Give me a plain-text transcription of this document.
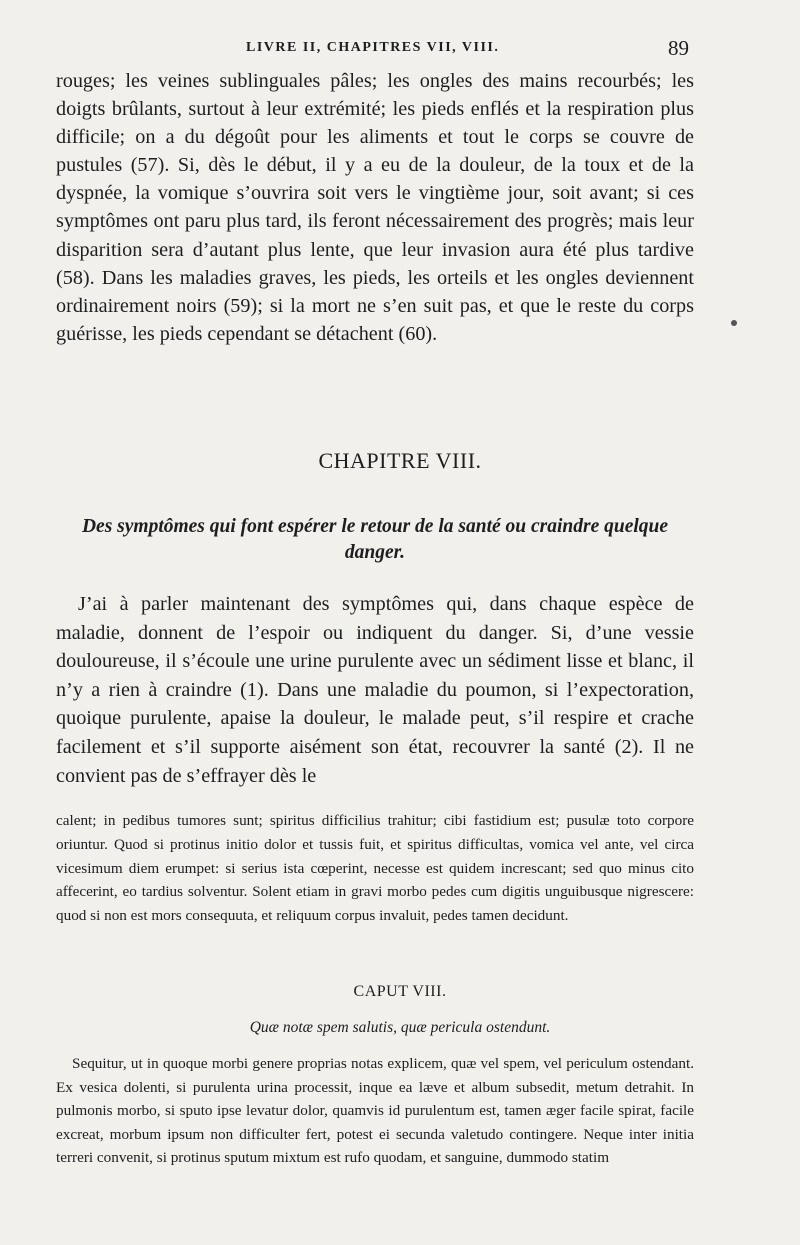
LIVRE II, CHAPITRES VII, VIII.	89
rouges; les veines sublinguales pâles; les ongles des mains recourbés; les doigts brûlants, surtout à leur extrémité; les pieds enflés et la respiration plus difficile; on a du dégoût pour les aliments et tout le corps se couvre de pustules (57). Si, dès le début, il y a eu de la douleur, de la toux et de la dyspnée, la vomique s’ouvrira soit vers le vingtième jour, soit avant; si ces symptômes ont paru plus tard, ils feront nécessairement des progrès; mais leur disparition sera d’autant plus lente, que leur invasion aura été plus tardive (58). Dans les maladies graves, les pieds, les orteils et les ongles deviennent ordinairement noirs (59); si la mort ne s’en suit pas, et que le reste du corps guérisse, les pieds cependant se détachent (60).
CHAPITRE VIII.
Des symptômes qui font espérer le retour de la santé ou craindre quelque danger.
J’ai à parler maintenant des symptômes qui, dans chaque espèce de maladie, donnent de l’espoir ou indiquent du danger. Si, d’une vessie douloureuse, il s’écoule une urine purulente avec un sédiment lisse et blanc, il n’y a rien à craindre (1). Dans une maladie du poumon, si l’expectoration, quoique purulente, apaise la douleur, le malade peut, s’il respire et crache facilement et s’il supporte aisément son état, recouvrer la santé (2). Il ne convient pas de s’effrayer dès le
calent; in pedibus tumores sunt; spiritus difficilius trahitur; cibi fastidium est; pusulæ toto corpore oriuntur. Quod si protinus initio dolor et tussis fuit, et spiritus difficultas, vomica vel ante, vel circa vicesimum diem erumpet: si serius ista cœperint, necesse est quidem increscant; sed quo minus cito affecerint, eo tardius solventur. Solent etiam in gravi morbo pedes cum digitis unguibusque nigrescere: quod si non est mors consequuta, et reliquum corpus invaluit, pedes tamen decidunt.
CAPUT VIII.
Quæ notæ spem salutis, quæ pericula ostendunt.
Sequitur, ut in quoque morbi genere proprias notas explicem, quæ vel spem, vel periculum ostendant. Ex vesica dolenti, si purulenta urina processit, inque ea læve et album subsedit, metum detrahit. In pulmonis morbo, si sputo ipse levatur dolor, quamvis id purulentum est, tamen æger facile spirat, facile excreat, morbum ipsum non difficulter fert, potest ei secunda valetudo contingere. Neque inter initia terreri convenit, si protinus sputum mixtum est rufo quodam, et sanguine, dummodo statim
